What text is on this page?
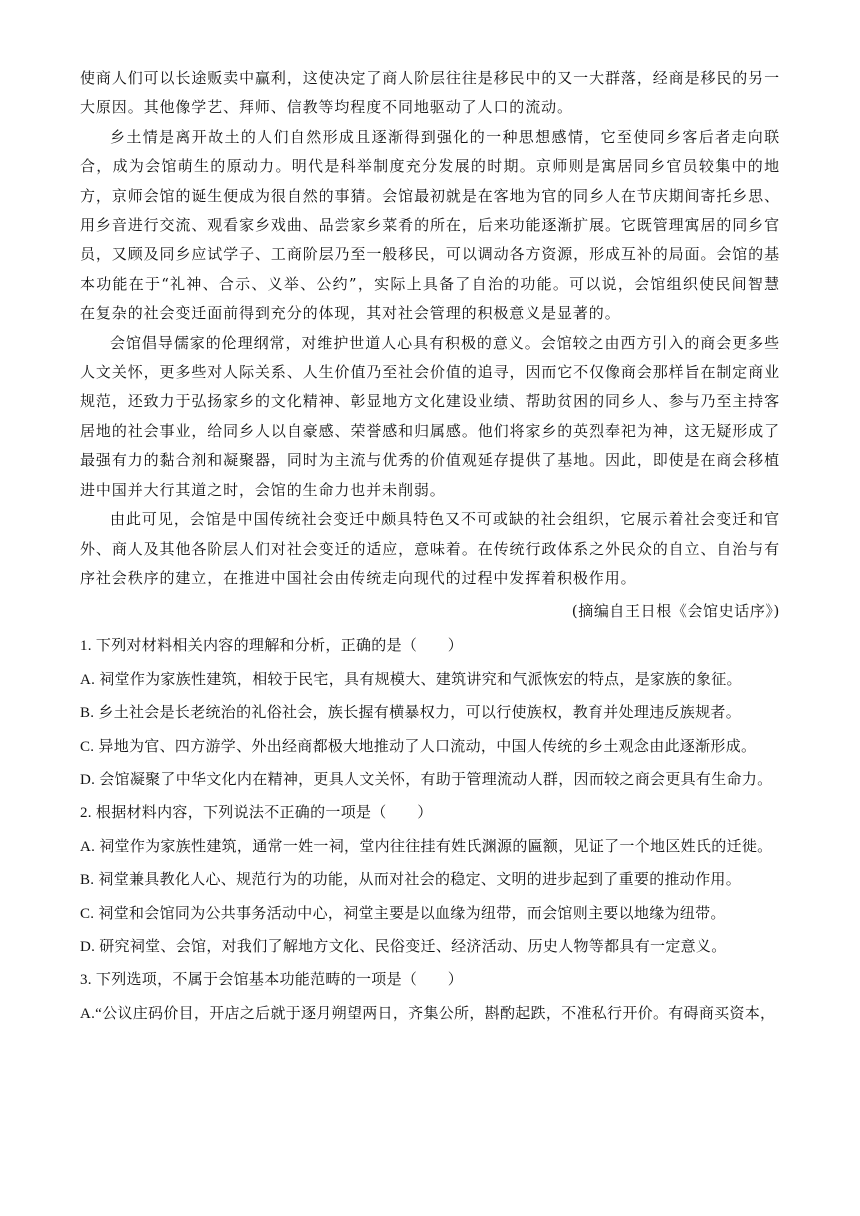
使商人们可以长途贩卖中赢利，这使决定了商人阶层往往是移民中的又一大群落，经商是移民的另一大原因。其他像学艺、拜师、信教等均程度不同地驱动了人口的流动。

乡土情是离开故土的人们自然形成且逐渐得到强化的一种思想感情，它至使同乡客后者走向联合，成为会馆萌生的原动力。明代是科举制度充分发展的时期。京师则是寓居同乡官员较集中的地方，京师会馆的诞生便成为很自然的事猜。会馆最初就是在客地为官的同乡人在节庆期间寄托乡思、用乡音进行交流、观看家乡戏曲、品尝家乡菜肴的所在，后来功能逐渐扩展。它既管理寓居的同乡官员，又顾及同乡应试学子、工商阶层乃至一般移民，可以调动各方资源，形成互补的局面。会馆的基本功能在于“礼神、合示、义举、公约”，实际上具备了自治的功能。可以说，会馆组织使民间智慧在复杂的社会变迁面前得到充分的体现，其对社会管理的积极意义是显著的。

会馆倡导儒家的伦理纲常，对维护世道人心具有积极的意义。会馆较之由西方引入的商会更多些人文关怀，更多些对人际关系、人生价值乃至社会价值的追寻，因而它不仅像商会那样旨在制定商业规范，还致力于弘扬家乡的文化精神、彰显地方文化建设业绩、帮助贫困的同乡人、参与乃至主持客居地的社会事业，给同乡人以自豪感、荣誉感和归属感。他们将家乡的英烈奉祀为神，这无疑形成了最强有力的黏合剂和凝聚器，同时为主流与优秀的价值观延存提供了基地。因此，即使是在商会移植进中国并大行其道之时，会馆的生命力也并未削弱。

由此可见，会馆是中国传统社会变迁中颇具特色又不可或缺的社会组织，它展示着社会变迁和官外、商人及其他各阶层人们对社会变迁的适应，意味着。在传统行政体系之外民众的自立、自治与有序社会秩序的建立，在推进中国社会由传统走向现代的过程中发挥着积极作用。

(摘编自王日根《会馆史话序》)

1. 下列对材料相关内容的理解和分析，正确的是（　　）

A. 祠堂作为家族性建筑，相较于民宅，具有规模大、建筑讲究和气派恢宏的特点，是家族的象征。

B. 乡土社会是长老统治的礼俗社会，族长握有横暴权力，可以行使族权，教育并处理违反族规者。

C. 异地为官、四方游学、外出经商都极大地推动了人口流动，中国人传统的乡土观念由此逐渐形成。

D. 会馆凝聚了中华文化内在精神，更具人文关怀，有助于管理流动人群，因而较之商会更具有生命力。

2. 根据材料内容，下列说法不正确的一项是（　　）

A. 祠堂作为家族性建筑，通常一姓一祠，堂内往往挂有姓氏渊源的匾额，见证了一个地区姓氏的迁徙。

B. 祠堂兼具教化人心、规范行为的功能，从而对社会的稳定、文明的进步起到了重要的推动作用。

C. 祠堂和会馆同为公共事务活动中心，祠堂主要是以血缘为纽带，而会馆则主要以地缘为纽带。

D. 研究祠堂、会馆，对我们了解地方文化、民俗变迁、经济活动、历史人物等都具有一定意义。

3. 下列选项，不属于会馆基本功能范畴的一项是（　　）

A.“公议庄码价目，开店之后就于逐月朔望两日，齐集公所，斟酌起跌，不准私行开价。有碍商买资本，
